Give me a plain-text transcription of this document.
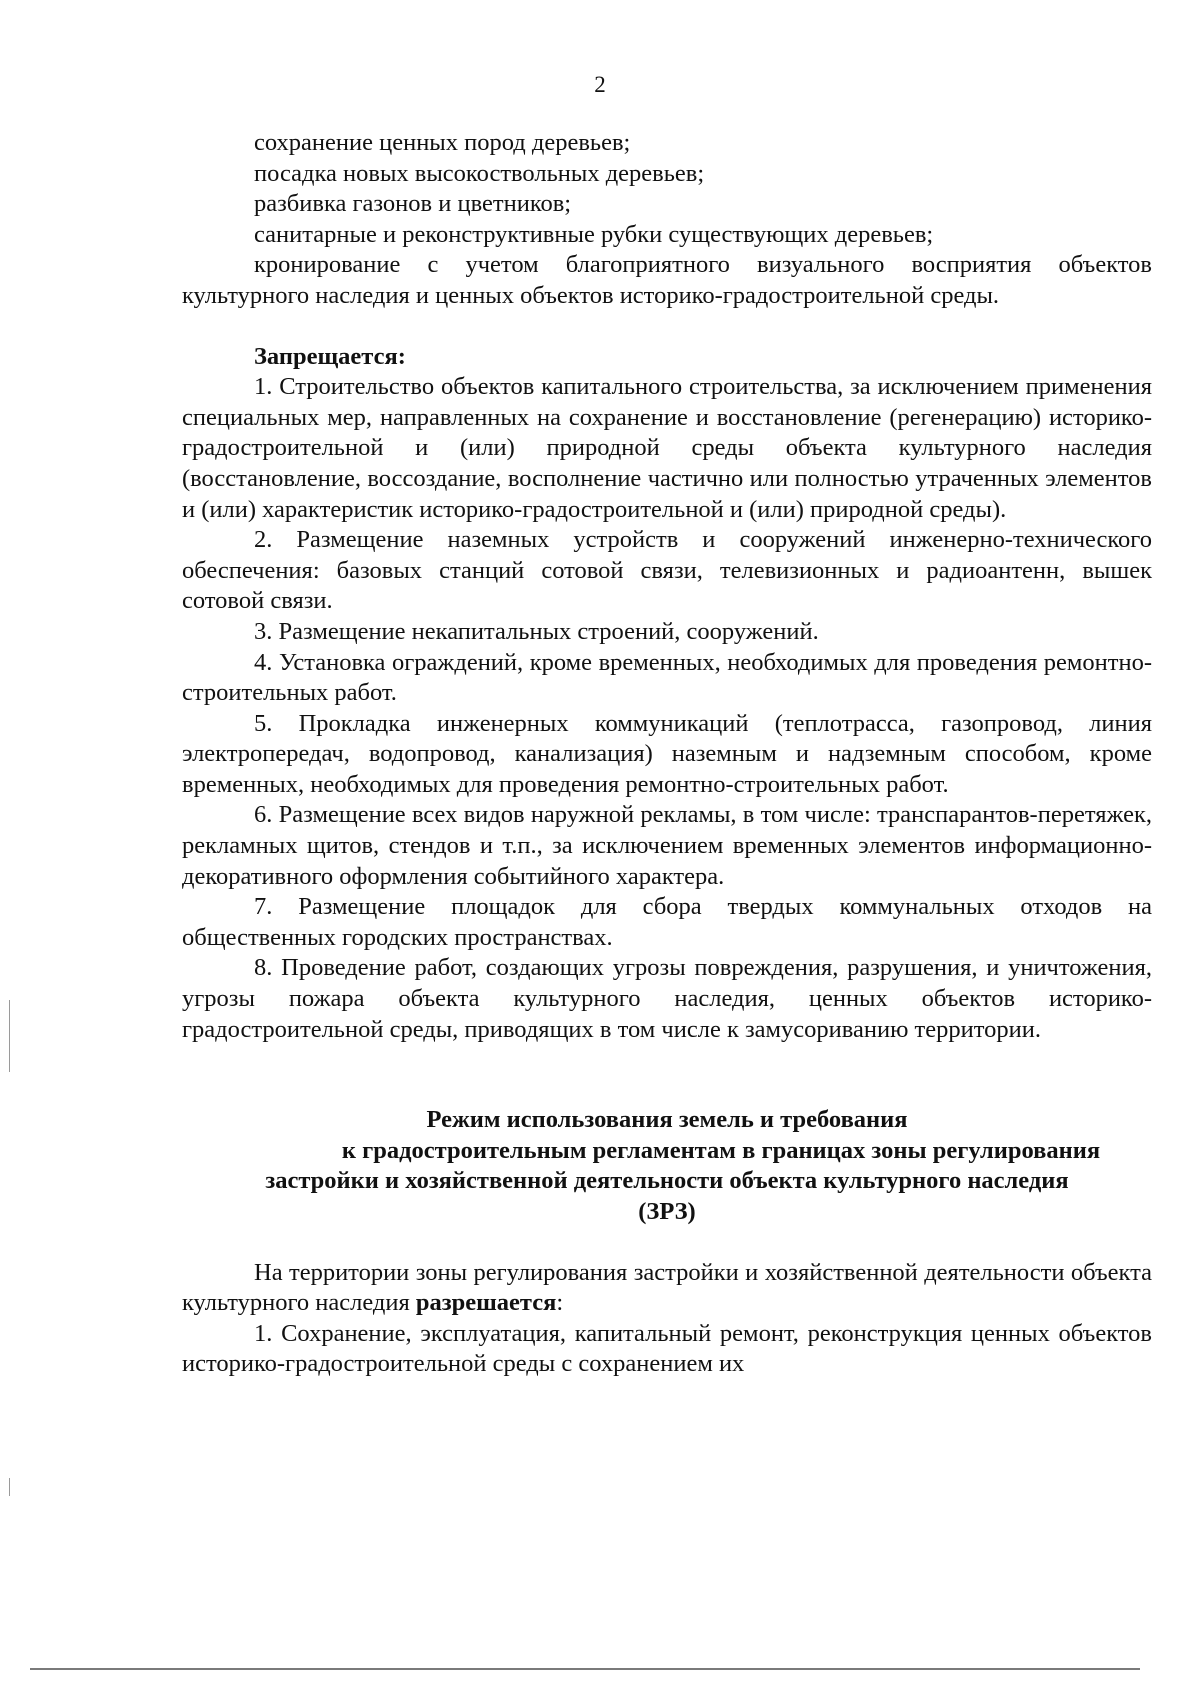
2

сохранение ценных пород деревьев;

посадка новых высокоствольных деревьев;

разбивка газонов и цветников;

санитарные и реконструктивные рубки существующих деревьев;

кронирование с учетом благоприятного визуального восприятия объектов культурного наследия и ценных объектов историко-градостроительной среды.

Запрещается:

1. Строительство объектов капитального строительства, за исключением применения специальных мер, направленных на сохранение и восстановление (регенерацию) историко-градостроительной и (или) природной среды объекта культурного наследия (восстановление, воссоздание, восполнение частично или полностью утраченных элементов и (или) характеристик историко-градостроительной и (или) природной среды).

2. Размещение наземных устройств и сооружений инженерно-технического обеспечения: базовых станций сотовой связи, телевизионных и радиоантенн, вышек сотовой связи.

3. Размещение некапитальных строений, сооружений.

4. Установка ограждений, кроме временных, необходимых для проведения ремонтно-строительных работ.

5. Прокладка инженерных коммуникаций (теплотрасса, газопровод, линия электропередач, водопровод, канализация) наземным и надземным способом, кроме временных, необходимых для проведения ремонтно-строительных работ.

6. Размещение всех видов наружной рекламы, в том числе: транспарантов-перетяжек, рекламных щитов, стендов и т.п., за исключением временных элементов информационно-декоративного оформления событийного характера.

7. Размещение площадок для сбора твердых коммунальных отходов на общественных городских пространствах.

8. Проведение работ, создающих угрозы повреждения, разрушения, и уничтожения, угрозы пожара объекта культурного наследия, ценных объектов историко-градостроительной среды, приводящих в том числе к замусориванию территории.

Режим использования земель и требования

к градостроительным регламентам в границах зоны регулирования

застройки и хозяйственной деятельности объекта культурного наследия

(ЗРЗ)

На территории зоны регулирования застройки и хозяйственной деятельности объекта культурного наследия разрешается:

1. Сохранение, эксплуатация, капитальный ремонт, реконструкция ценных объектов историко-градостроительной среды с сохранением их
